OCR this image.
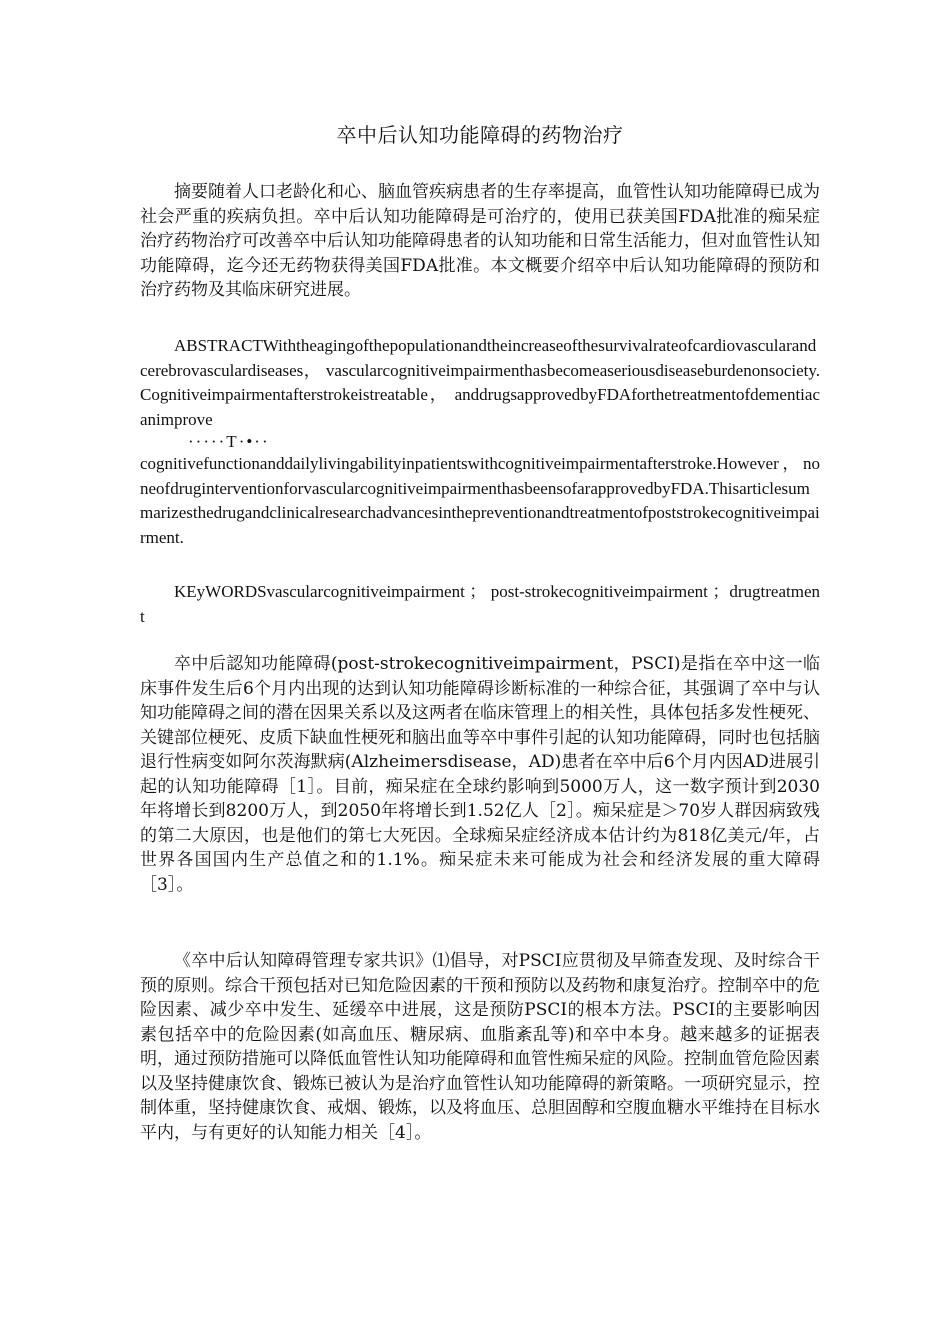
卒中后认知功能障碍的药物治疗

摘要随着人口老龄化和心、脑血管疾病患者的生存率提高，血管性认知功能障碍已成为社会严重的疾病负担。卒中后认知功能障碍是可治疗的，使用已获美国FDA批准的痴呆症治疗药物治疗可改善卒中后认知功能障碍患者的认知功能和日常生活能力，但对血管性认知功能障碍，迄今还无药物获得美国FDA批准。本文概要介绍卒中后认知功能障碍的预防和治疗药物及其临床研究进展。

ABSTRACTWiththeagingofthepopulationandtheincreaseofthesurvivalrateofcardiovascularandcerebrovasculardiseases， vascularcognitiveimpairmenthasbecomeaseriousdiseaseburdenonsociety.Cognitiveimpairmentafterstrokeistreatable， anddrugsapprovedbyFDAforthetreatmentofdementiacanimprove
·····T·•··
cognitivefunctionanddailylivingabilityinpatientswithcognitiveimpairmentafterstroke.However，noneofdruginterventionforvascularcognitiveimpairmenthasbeensofarapprovedbyFDA.Thisarticlesummarizesthedrugandclinicalresearchadvancesinthepreventionandtreatmentofpoststrokecognitiveimpairment.

KEyWORDSvascularcognitiveimpairment ； post-strokecognitiveimpairment ；drugtreatment

卒中后認知功能障碍(post-strokecognitiveimpairment，PSCI)是指在卒中这一临床事件发生后6个月内出现的达到认知功能障碍诊断标准的一种综合征，其强调了卒中与认知功能障碍之间的潜在因果关系以及这两者在临床管理上的相关性，具体包括多发性梗死、关键部位梗死、皮质下缺血性梗死和脑出血等卒中事件引起的认知功能障碍，同时也包括脑退行性病变如阿尔茨海默病(Alzheimersdisease，AD)患者在卒中后6个月内因AD进展引起的认知功能障碍［1］。目前，痴呆症在全球约影响到5000万人，这一数字预计到2030年将增长到8200万人，到2050年将增长到1.52亿人［2］。痴呆症是＞70岁人群因病致残的第二大原因，也是他们的第七大死因。全球痴呆症经济成本估计约为818亿美元/年，占世界各国国内生产总值之和的1.1%。痴呆症未来可能成为社会和经济发展的重大障碍［3］。

《卒中后认知障碍管理专家共识》⑴倡导，对PSCI应贯彻及早筛查发现、及时综合干预的原则。综合干预包括对已知危险因素的干预和预防以及药物和康复治疗。控制卒中的危险因素、减少卒中发生、延缓卒中进展，这是预防PSCI的根本方法。PSCI的主要影响因素包括卒中的危险因素(如高血压、糖尿病、血脂紊乱等)和卒中本身。越来越多的证据表明，通过预防措施可以降低血管性认知功能障碍和血管性痴呆症的风险。控制血管危险因素以及坚持健康饮食、锻炼已被认为是治疗血管性认知功能障碍的新策略。一项研究显示，控制体重，坚持健康饮食、戒烟、锻炼，以及将血压、总胆固醇和空腹血糖水平维持在目标水平内，与有更好的认知能力相关［4］。
